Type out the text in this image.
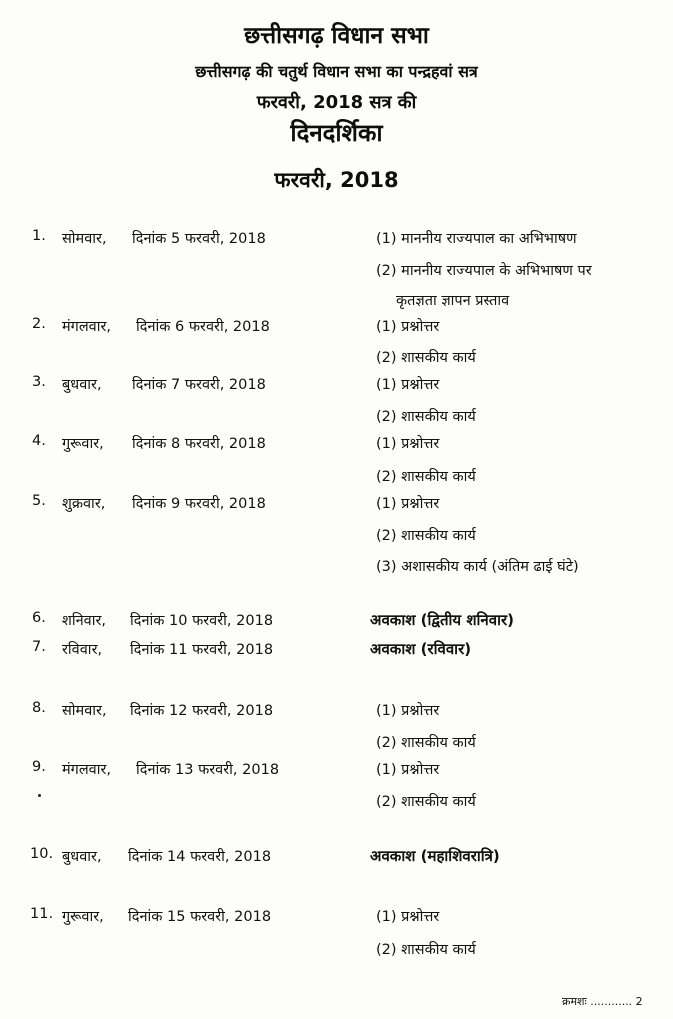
छत्तीसगढ़ विधान सभा
छत्तीसगढ़ की चतुर्थ विधान सभा का पन्द्रहवां सत्र
फरवरी, 2018 सत्र की
दिनदर्शिका
फरवरी, 2018
1. सोमवार, दिनांक 5 फरवरी, 2018	(1) माननीय राज्यपाल का अभिभाषण
(2) माननीय राज्यपाल के अभिभाषण पर
कृतज्ञता ज्ञापन प्रस्ताव
2. मंगलवार, दिनांक 6 फरवरी, 2018	(1) प्रश्नोत्तर
(2) शासकीय कार्य
3. बुधवार, दिनांक 7 फरवरी, 2018	(1) प्रश्नोत्तर
(2) शासकीय कार्य
4. गुरूवार, दिनांक 8 फरवरी, 2018	(1) प्रश्नोत्तर
(2) शासकीय कार्य
5. शुक्रवार, दिनांक 9 फरवरी, 2018	(1) प्रश्नोत्तर
(2) शासकीय कार्य
(3) अशासकीय कार्य (अंतिम ढाई घंटे)
6. शनिवार, दिनांक 10 फरवरी, 2018	अवकाश (द्वितीय शनिवार)
7. रविवार, दिनांक 11 फरवरी, 2018	अवकाश (रविवार)
8. सोमवार, दिनांक 12 फरवरी, 2018	(1) प्रश्नोत्तर
(2) शासकीय कार्य
9. मंगलवार, दिनांक 13 फरवरी, 2018	(1) प्रश्नोत्तर
(2) शासकीय कार्य
10. बुधवार, दिनांक 14 फरवरी, 2018	अवकाश (महाशिवरात्रि)
11. गुरूवार, दिनांक 15 फरवरी, 2018	(1) प्रश्नोत्तर
(2) शासकीय कार्य
क्रमशः ............ 2
